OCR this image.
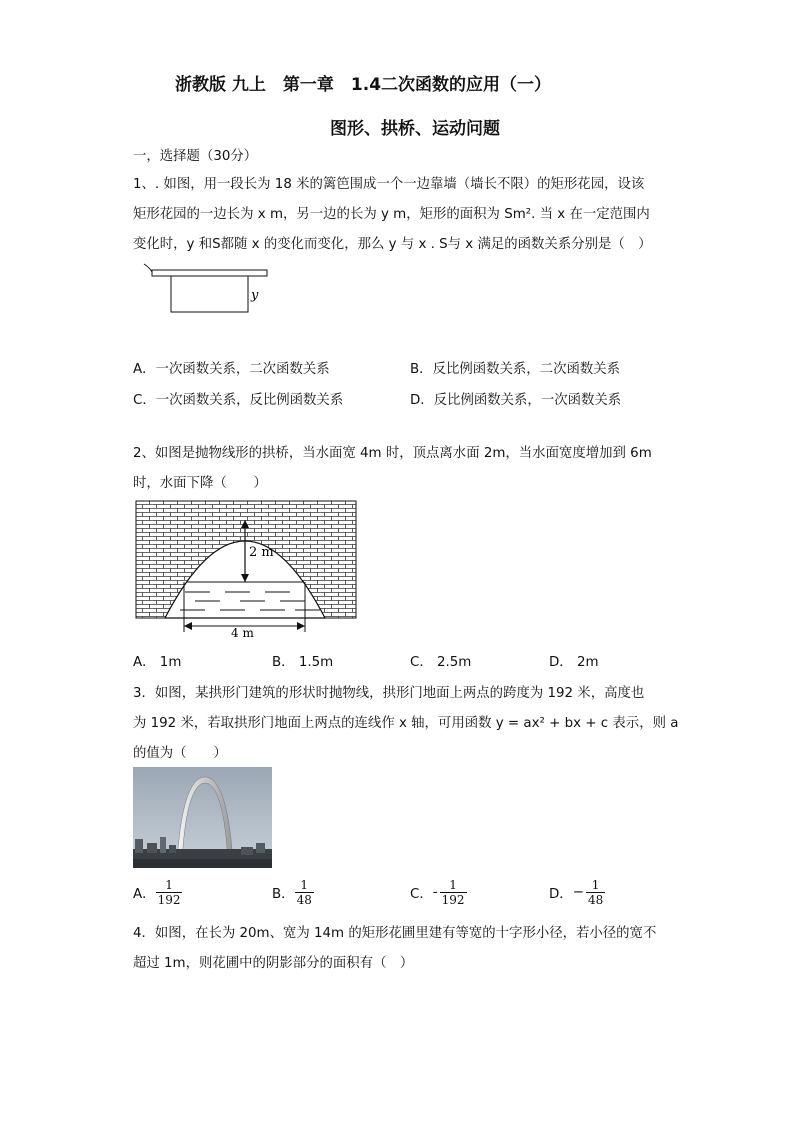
浙教版 九上　第一章　1.4二次函数的应用（一）
图形、拱桥、运动问题
一，选择题（30分）
1、. 如图，用一段长为 18 米的篱笆围成一个一边靠墙（墙长不限）的矩形花园，设该
矩形花园的一边长为 x m，另一边的长为 y m，矩形的面积为 Sm². 当 x 在一定范围内
变化时，y 和S都随 x 的变化而变化，那么 y 与 x . S与 x 满足的函数关系分别是（　）
y
A．一次函数关系，二次函数关系	B．反比例函数关系，二次函数关系
C．一次函数关系，反比例函数关系	D．反比例函数关系，一次函数关系
2、如图是抛物线形的拱桥，当水面宽 4m 时，顶点离水面 2m，当水面宽度增加到 6m
时，水面下降（　　）
2 m
4 m
A． 1m	B． 1.5m	C． 2.5m	D． 2m
3．如图，某拱形门建筑的形状时抛物线，拱形门地面上两点的跨度为 192 米，高度也
为 192 米，若取拱形门地面上两点的连线作 x 轴，可用函数 y = ax² + bx + c 表示，则 a
的值为（　　）
A． $\frac{1}{192}$	B． $\frac{1}{48}$	C． - $\frac{1}{192}$	D． − $\frac{1}{48}$
4．如图，在长为 20m、宽为 14m 的矩形花圃里建有等宽的十字形小径，若小径的宽不
超过 1m，则花圃中的阴影部分的面积有（　）
